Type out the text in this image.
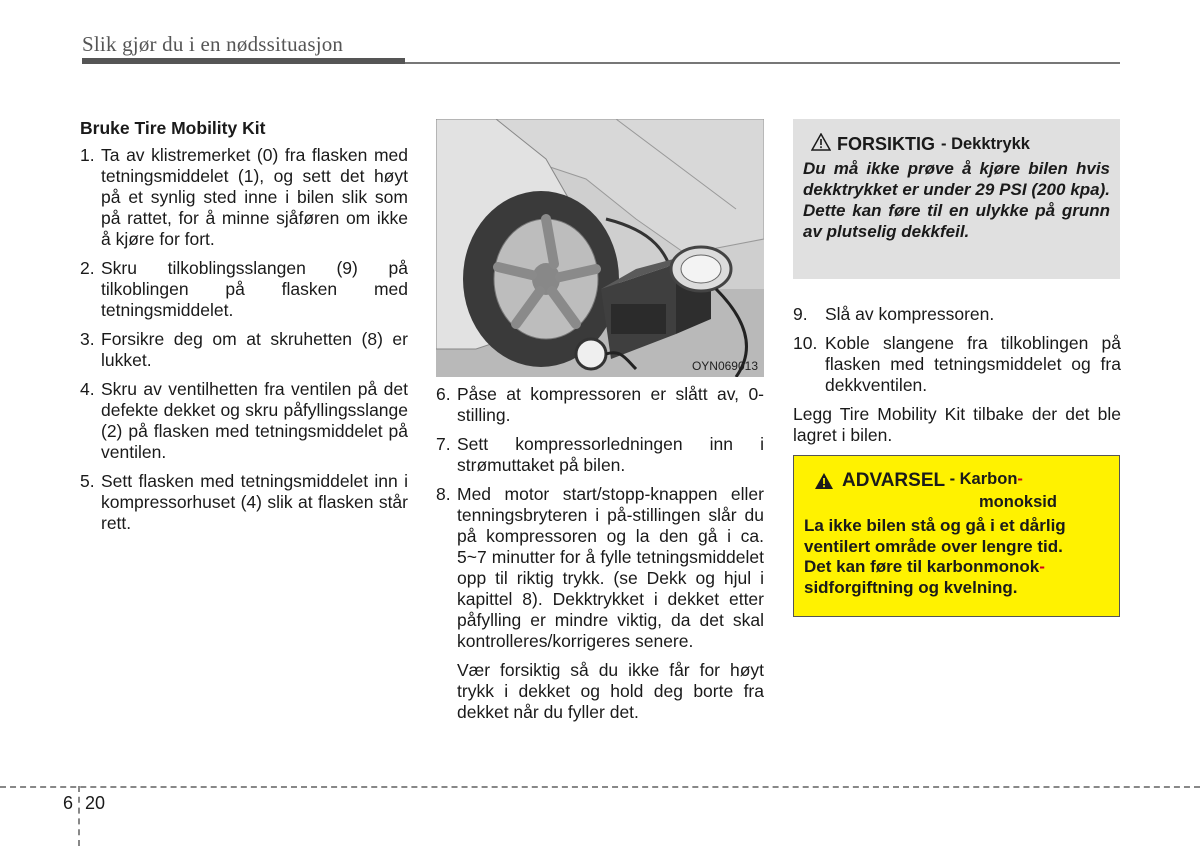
Slik gjør du i en nødssituasjon
Bruke Tire Mobility Kit
1. Ta av klistremerket (0) fra flasken med tetningsmiddelet (1), og sett det høyt på et synlig sted inne i bilen slik som på rattet, for å minne sjåføren om ikke å kjøre for fort.
2. Skru tilkoblingsslangen (9) på tilkoblingen på flasken med tetningsmiddelet.
3. Forsikre deg om at skruhetten (8) er lukket.
4. Skru av ventilhetten fra ventilen på det defekte dekket og skru påfyllingsslange (2) på flasken med tetningsmiddelet på ventilen.
5. Sett flasken med tetningsmiddelet inn i kompressorhuset (4) slik at flasken står rett.
OYN069013
6. Påse at kompressoren er slått av, 0-stilling.
7. Sett kompressorledningen inn i strømuttaket på bilen.
8. Med motor start/stopp-knappen eller tenningsbryteren i på-stillingen slår du på kompressoren og la den gå i ca. 5~7 minutter for å fylle tetningsmiddelet opp til riktig trykk. (se Dekk og hjul i kapittel 8). Dekktrykket i dekket etter påfylling er mindre viktig, da det skal kontrolleres/korrigeres senere.
Vær forsiktig så du ikke får for høyt trykk i dekket og hold deg borte fra dekket når du fyller det.
FORSIKTIG - Dekktrykk
Du må ikke prøve å kjøre bilen hvis dekktrykket er under 29 PSI (200 kpa). Dette kan føre til en ulykke på grunn av plutselig dekkfeil.
9. Slå av kompressoren.
10. Koble slangene fra tilkoblingen på flasken med tetningsmiddelet og fra dekkventilen.
Legg Tire Mobility Kit tilbake der det ble lagret i bilen.
ADVARSEL
- Karbon -
monoksid
La ikke bilen stå og gå i et dårlig
ventilert område over lengre tid.
Det kan føre til karbonmonok-
sidforgiftning og kvelning.
6 20
